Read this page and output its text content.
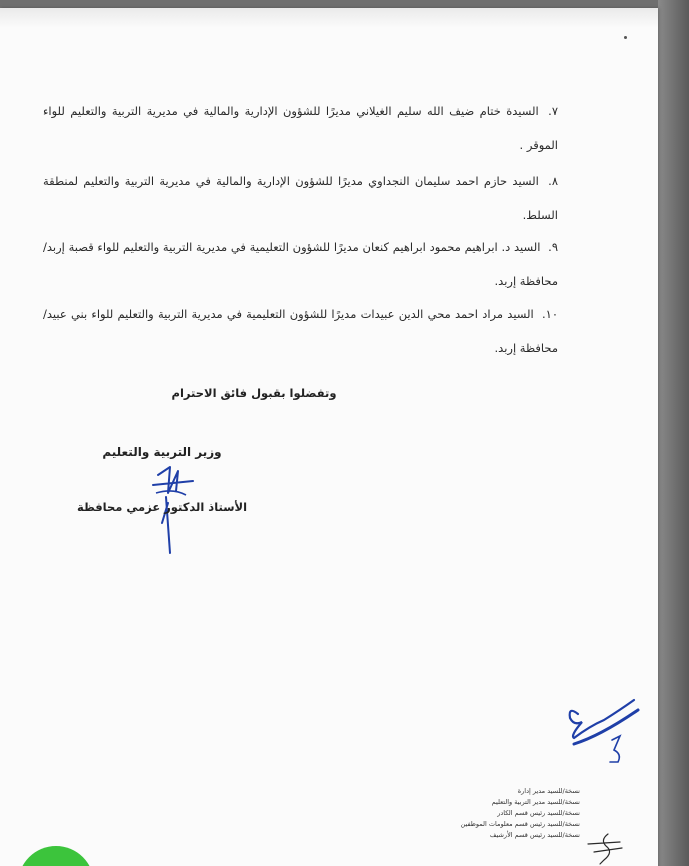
٧. السيدة ختام ضيف الله سليم الغيلاني مديرًا للشؤون الإدارية والمالية في مديرية التربية والتعليم للواء الموقر .

٨. السيد حازم احمد سليمان النجداوي مديرًا للشؤون الإدارية والمالية في مديرية التربية والتعليم لمنطقة السلط.

٩. السيد د. ابراهيم محمود ابراهيم كنعان مديرًا للشؤون التعليمية في مديرية التربية والتعليم للواء قصبة إربد/محافظة إربد.

١٠. السيد مراد احمد محي الدين عبيدات مديرًا للشؤون التعليمية في مديرية التربية والتعليم للواء بني عبيد/محافظة إربد.

وتفضلوا بقبول فائق الاحترام
وزير التربية والتعليم
الأستاذ الدكتور عزمي محافظة
نسخة/للسيد مدير إدارة
نسخة/للسيد مدير التربية والتعليم
نسخة/للسيد رئيس قسم الكادر
نسخة/للسيد رئيس قسم معلومات الموظفين
نسخة/للسيد رئيس قسم الأرشيف
